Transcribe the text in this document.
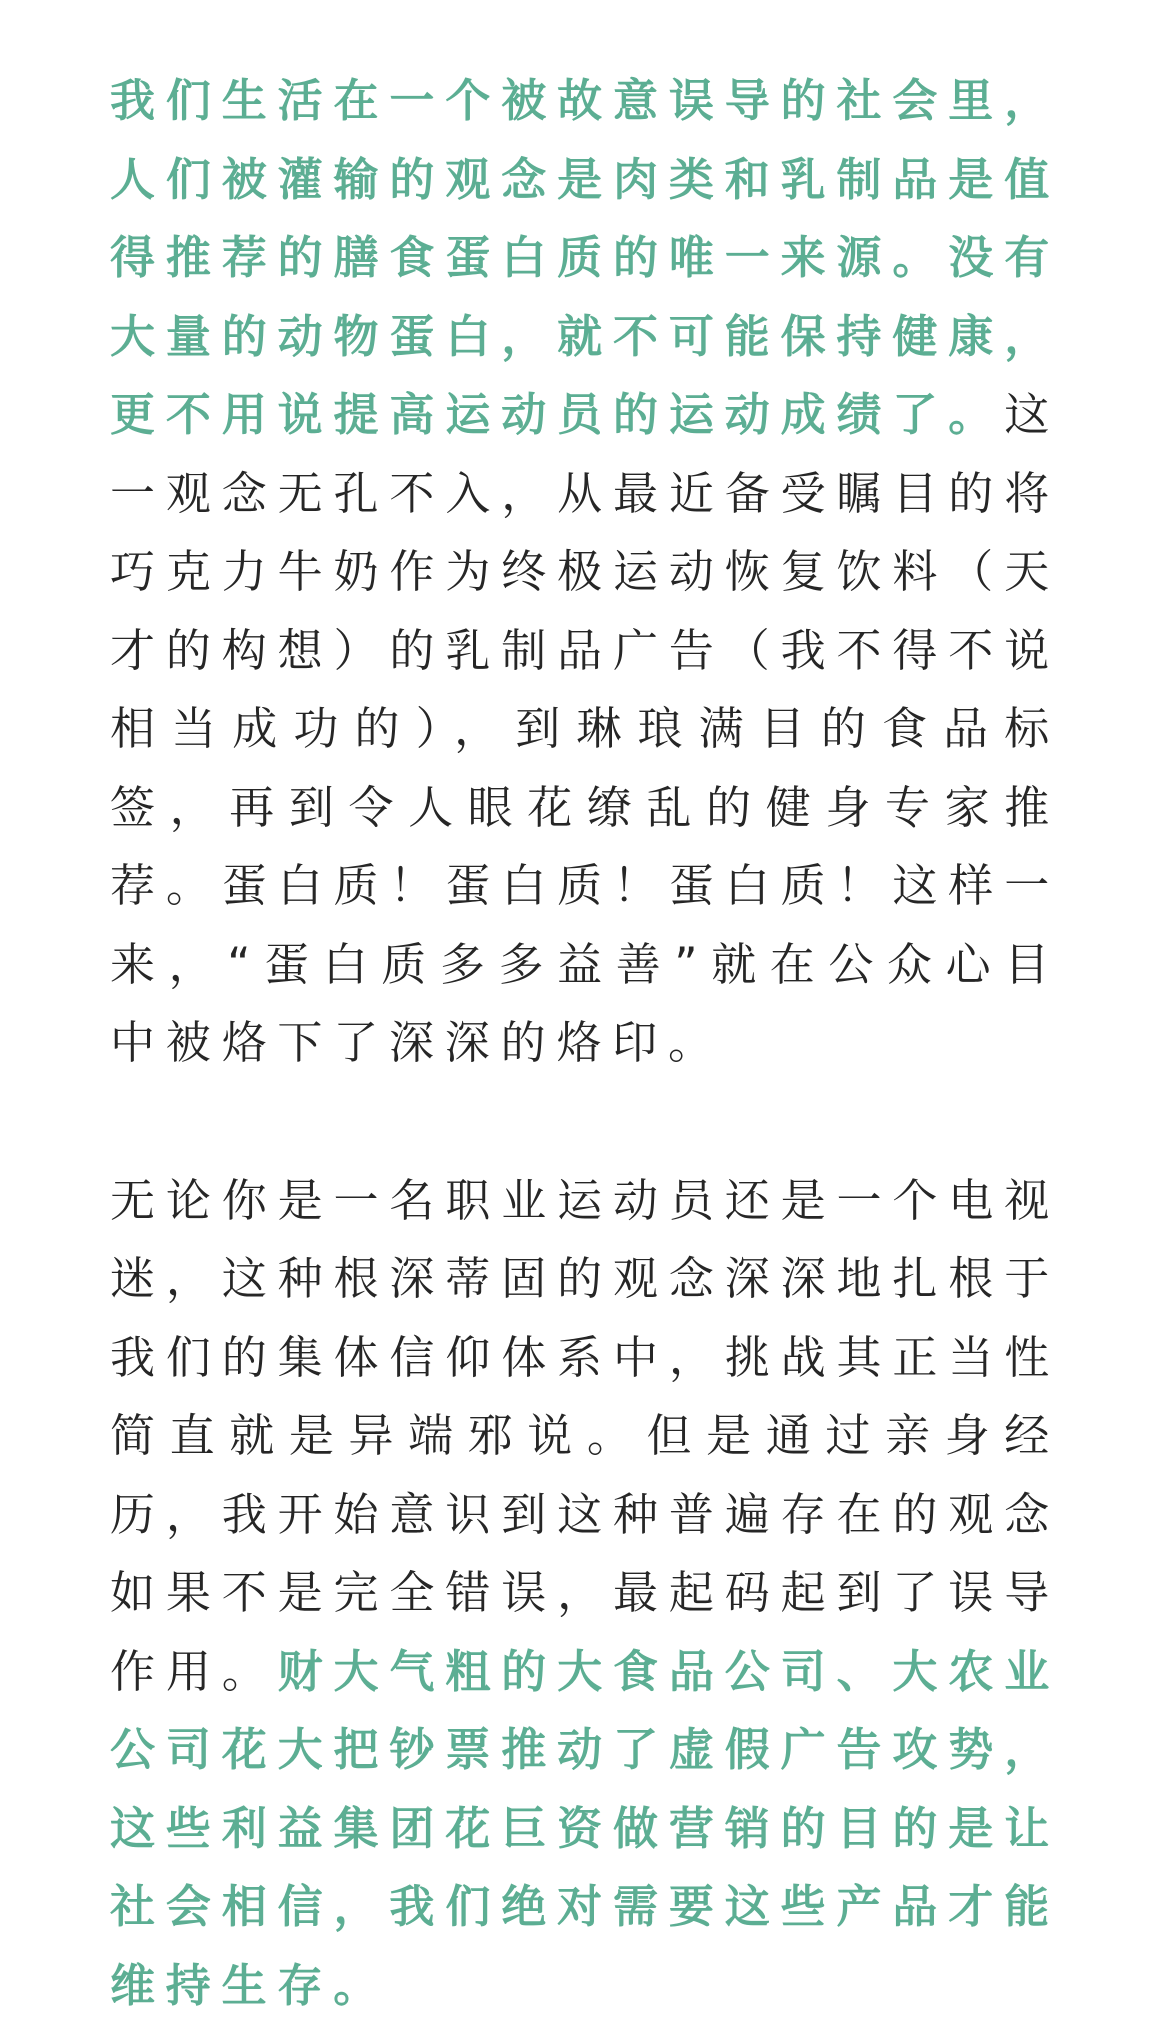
我们生活在一个被故意误导的社会里，人们被灌输的观念是肉类和乳制品是值得推荐的膳食蛋白质的唯一来源。没有大量的动物蛋白，就不可能保持健康，更不用说提高运动员的运动成绩了。这一观念无孔不入，从最近备受瞩目的将巧克力牛奶作为终极运动恢复饮料（天才的构想）的乳制品广告（我不得不说相当成功的），到琳琅满目的食品标签，再到令人眼花缭乱的健身专家推荐。蛋白质！蛋白质！蛋白质！这样一来，“蛋白质多多益善”就在公众心目中被烙下了深深的烙印。

无论你是一名职业运动员还是一个电视迷，这种根深蒂固的观念深深地扎根于我们的集体信仰体系中，挑战其正当性简直就是异端邪说。但是通过亲身经历，我开始意识到这种普遍存在的观念如果不是完全错误，最起码起到了误导作用。财大气粗的大食品公司、大农业公司花大把钞票推动了虚假广告攻势，这些利益集团花巨资做营销的目的是让社会相信，我们绝对需要这些产品才能维持生存。
